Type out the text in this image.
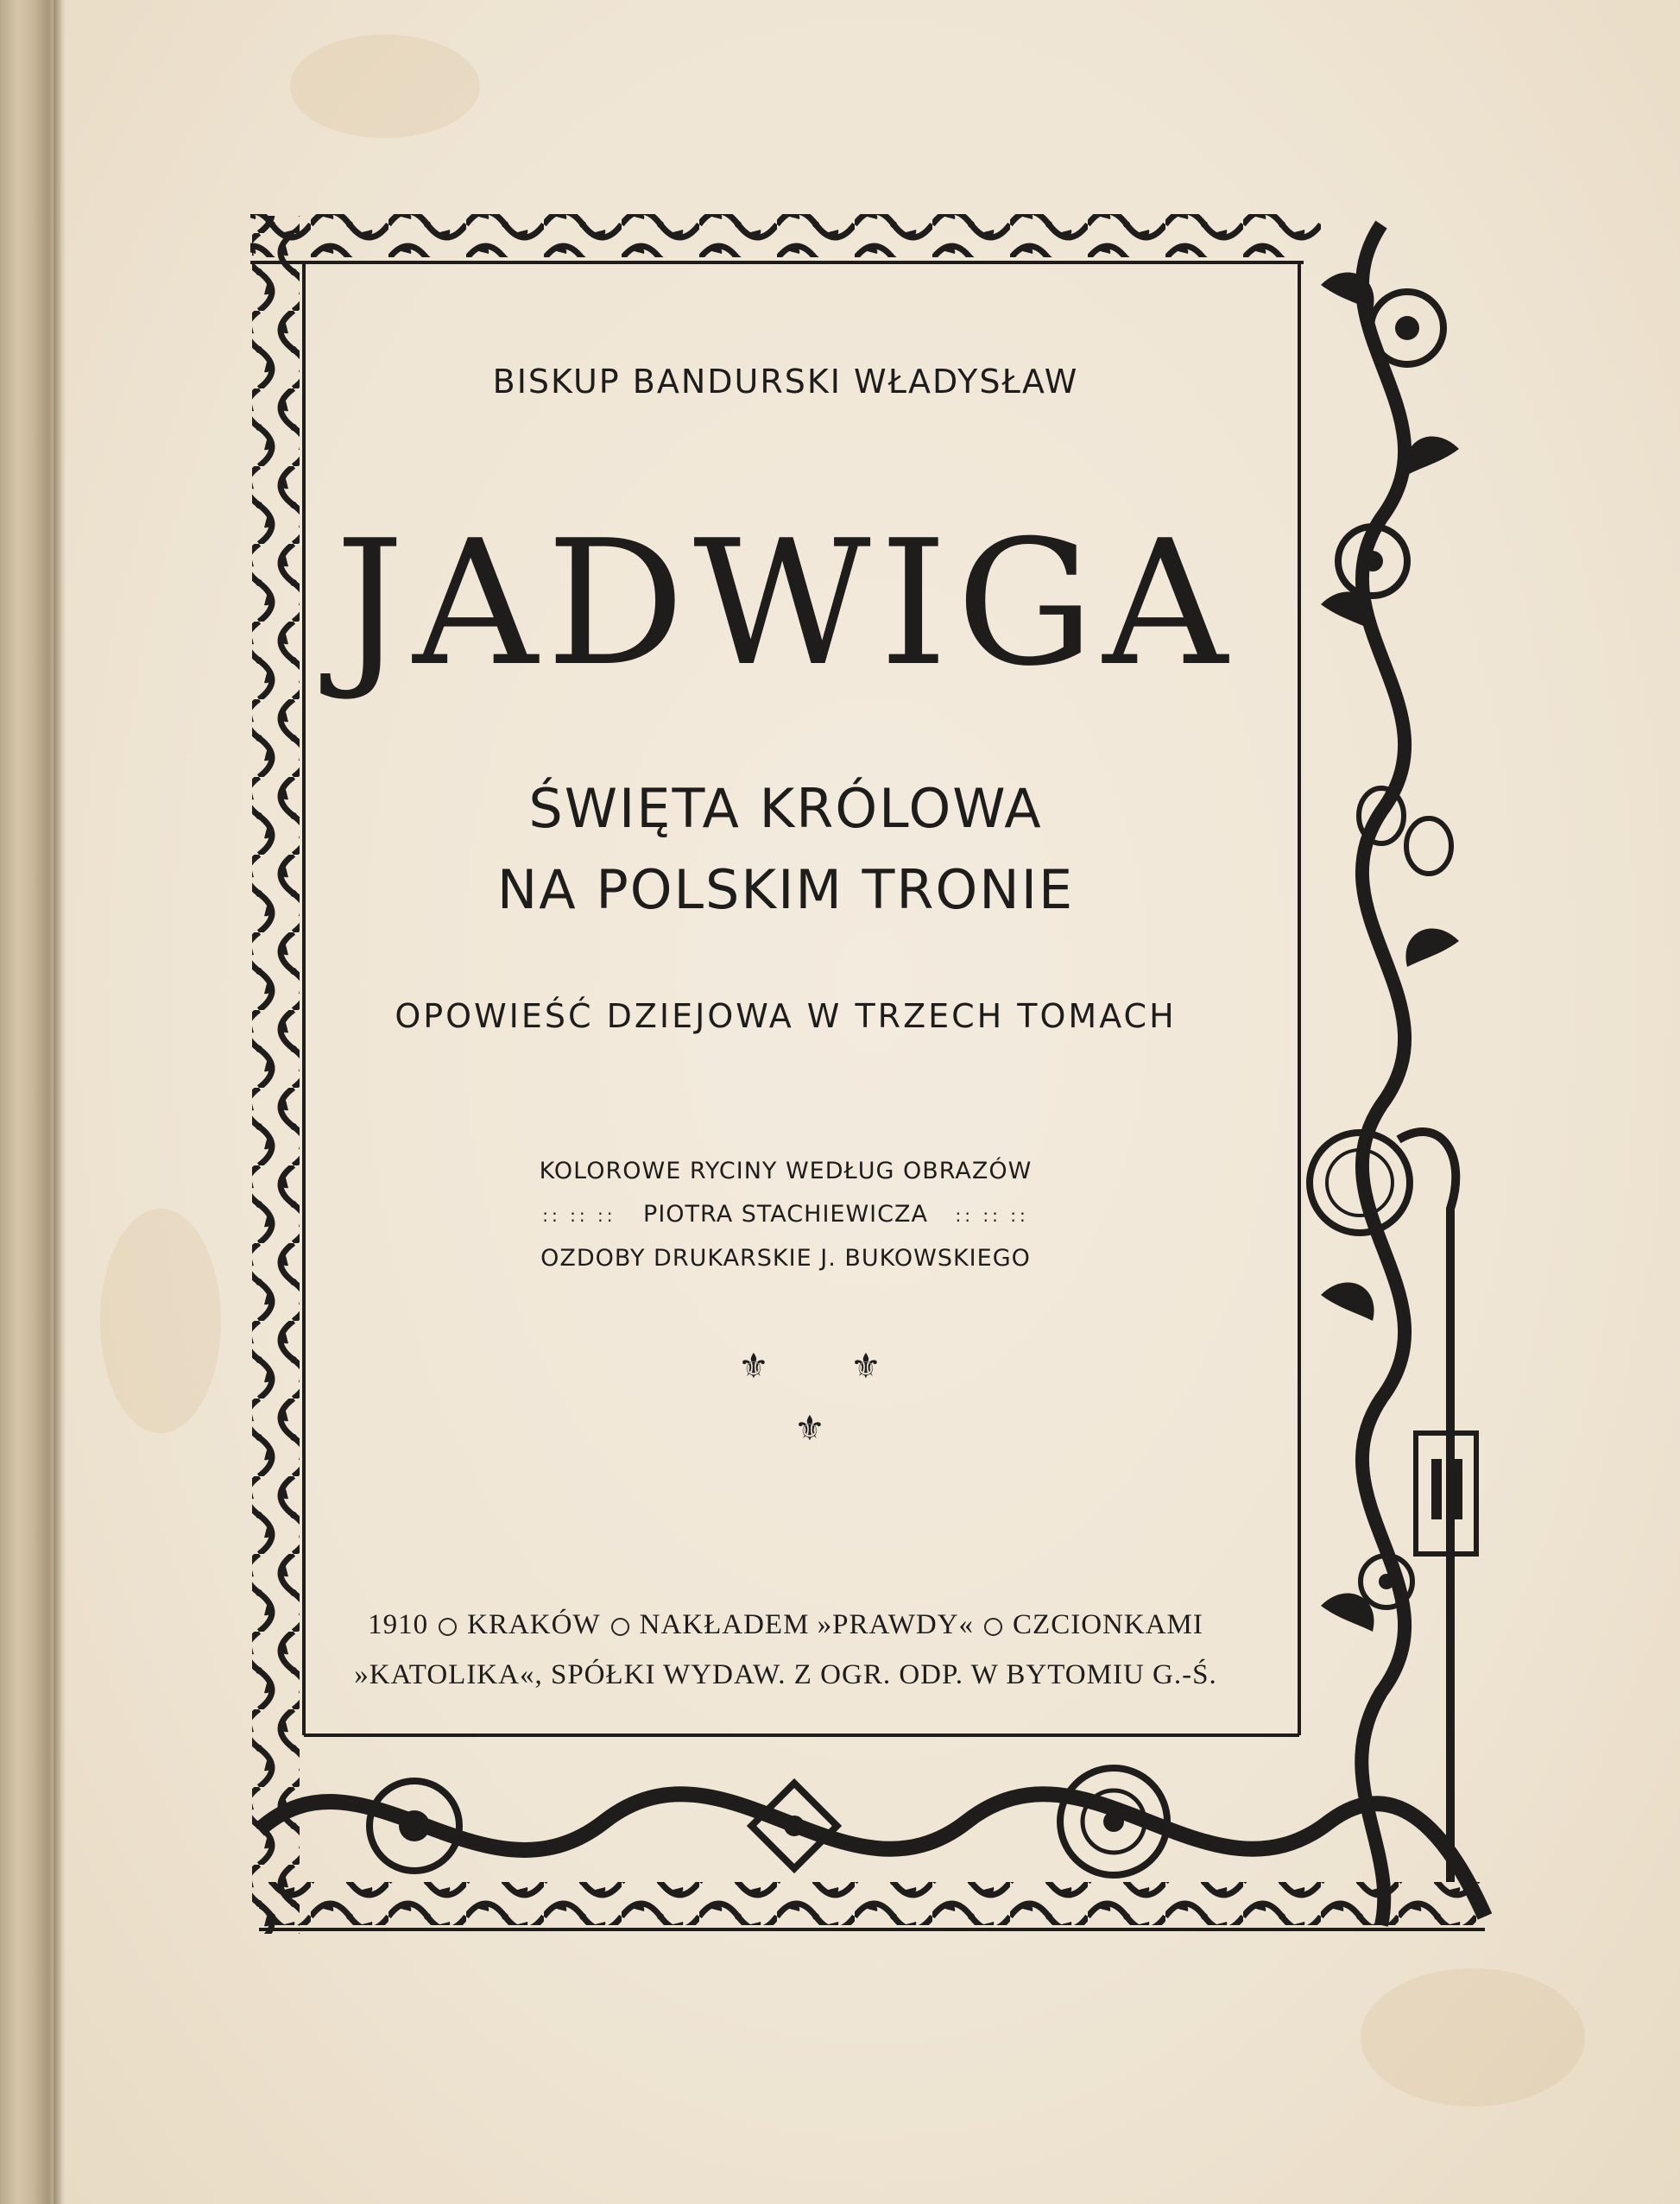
BISKUP BANDURSKI WŁADYSŁAW
JADWIGA
ŚWIĘTA KRÓLOWA
NA POLSKIM TRONIE
OPOWIEŚĆ DZIEJOWA W TRZECH TOMACH
KOLOROWE RYCINY WEDŁUG OBRAZÓW
:: :: :: PIOTRA STACHIEWICZA :: :: ::
OZDOBY DRUKARSKIE J. BUKOWSKIEGO
⚜ ⚜
⚜
1910 KRAKÓW NAKŁADEM »PRAWDY« CZCIONKAMI
»KATOLIKA«, SPÓŁKI WYDAW. Z OGR. ODP. W BYTOMIU G.-Ś.
